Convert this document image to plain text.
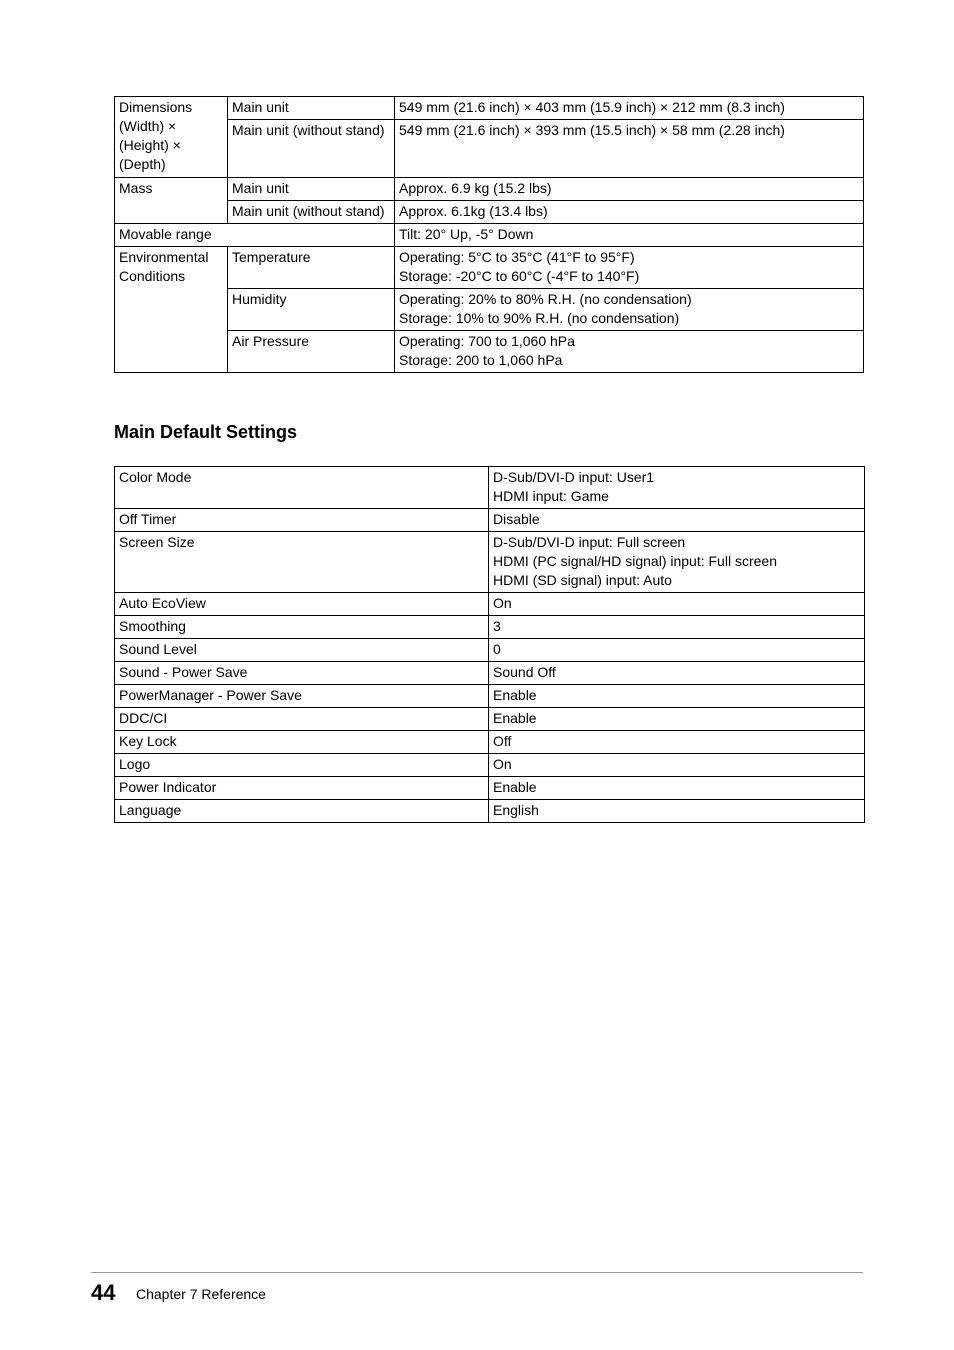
Dimensions
(Width) ×
(Height) ×
(Depth)	Main unit	549 mm (21.6 inch) × 403 mm (15.9 inch) × 212 mm (8.3 inch)
	Main unit (without stand)	549 mm (21.6 inch) × 393 mm (15.5 inch) × 58 mm (2.28 inch)
Mass	Main unit	Approx. 6.9 kg (15.2 lbs)
	Main unit (without stand)	Approx. 6.1kg (13.4 lbs)
Movable range		Tilt: 20° Up, -5° Down
Environmental
Conditions	Temperature	Operating: 5°C to 35°C (41°F to 95°F)
Storage: -20°C to 60°C (-4°F to 140°F)
	Humidity	Operating: 20% to 80% R.H. (no condensation)
Storage: 10% to 90% R.H. (no condensation)
	Air Pressure	Operating: 700 to 1,060 hPa
Storage: 200 to 1,060 hPa
Main Default Settings
Color Mode	D-Sub/DVI-D input: User1
HDMI input: Game
Off Timer	Disable
Screen Size	D-Sub/DVI-D input: Full screen
HDMI (PC signal/HD signal) input: Full screen
HDMI (SD signal) input: Auto
Auto EcoView	On
Smoothing	3
Sound Level	0
Sound - Power Save	Sound Off
PowerManager - Power Save	Enable
DDC/CI	Enable
Key Lock	Off
Logo	On
Power Indicator	Enable
Language	English
44 Chapter 7 Reference
